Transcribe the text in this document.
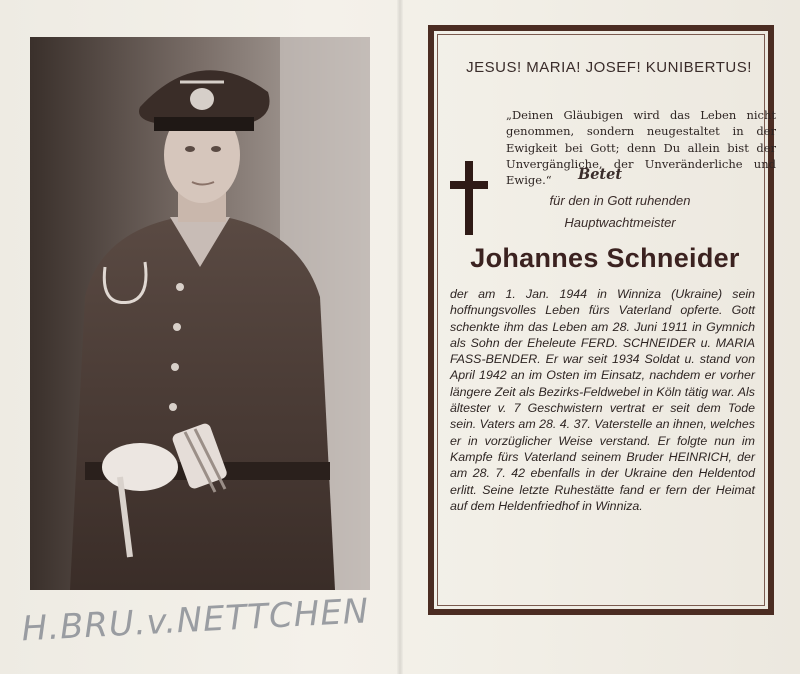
H.BRU.v.NETTCHEN
JESUS! MARIA! JOSEF! KUNIBERTUS!
„Deinen Gläubigen wird das Leben nicht genommen, sondern neugestaltet in der Ewigkeit bei Gott; denn Du allein bist der Unvergängliche, der Unveränderliche und Ewige.“	Betet
für den in Gott ruhenden
Hauptwachtmeister
Johannes Schneider
der am 1. Jan. 1944 in Winniza (Ukraine) sein hoffnungsvolles Leben fürs Vaterland opferte. Gott schenkte ihm das Leben am 28. Juni 1911 in Gymnich als Sohn der Eheleute FERD. SCHNEIDER u. MARIA FASS-BENDER. Er war seit 1934 Soldat u. stand von April 1942 an im Osten im Einsatz, nachdem er vorher längere Zeit als Bezirks-Feldwebel in Köln tätig war. Als ältester v. 7 Geschwistern vertrat er seit dem Tode sein. Vaters am 28. 4. 37. Vaterstelle an ihnen, welches er in vorzüglicher Weise verstand. Er folgte nun im Kampfe fürs Vaterland seinem Bruder HEINRICH, der am 28. 7. 42 ebenfalls in der Ukraine den Heldentod erlitt. Seine letzte Ruhestätte fand er fern der Heimat auf dem Heldenfriedhof in Winniza.
